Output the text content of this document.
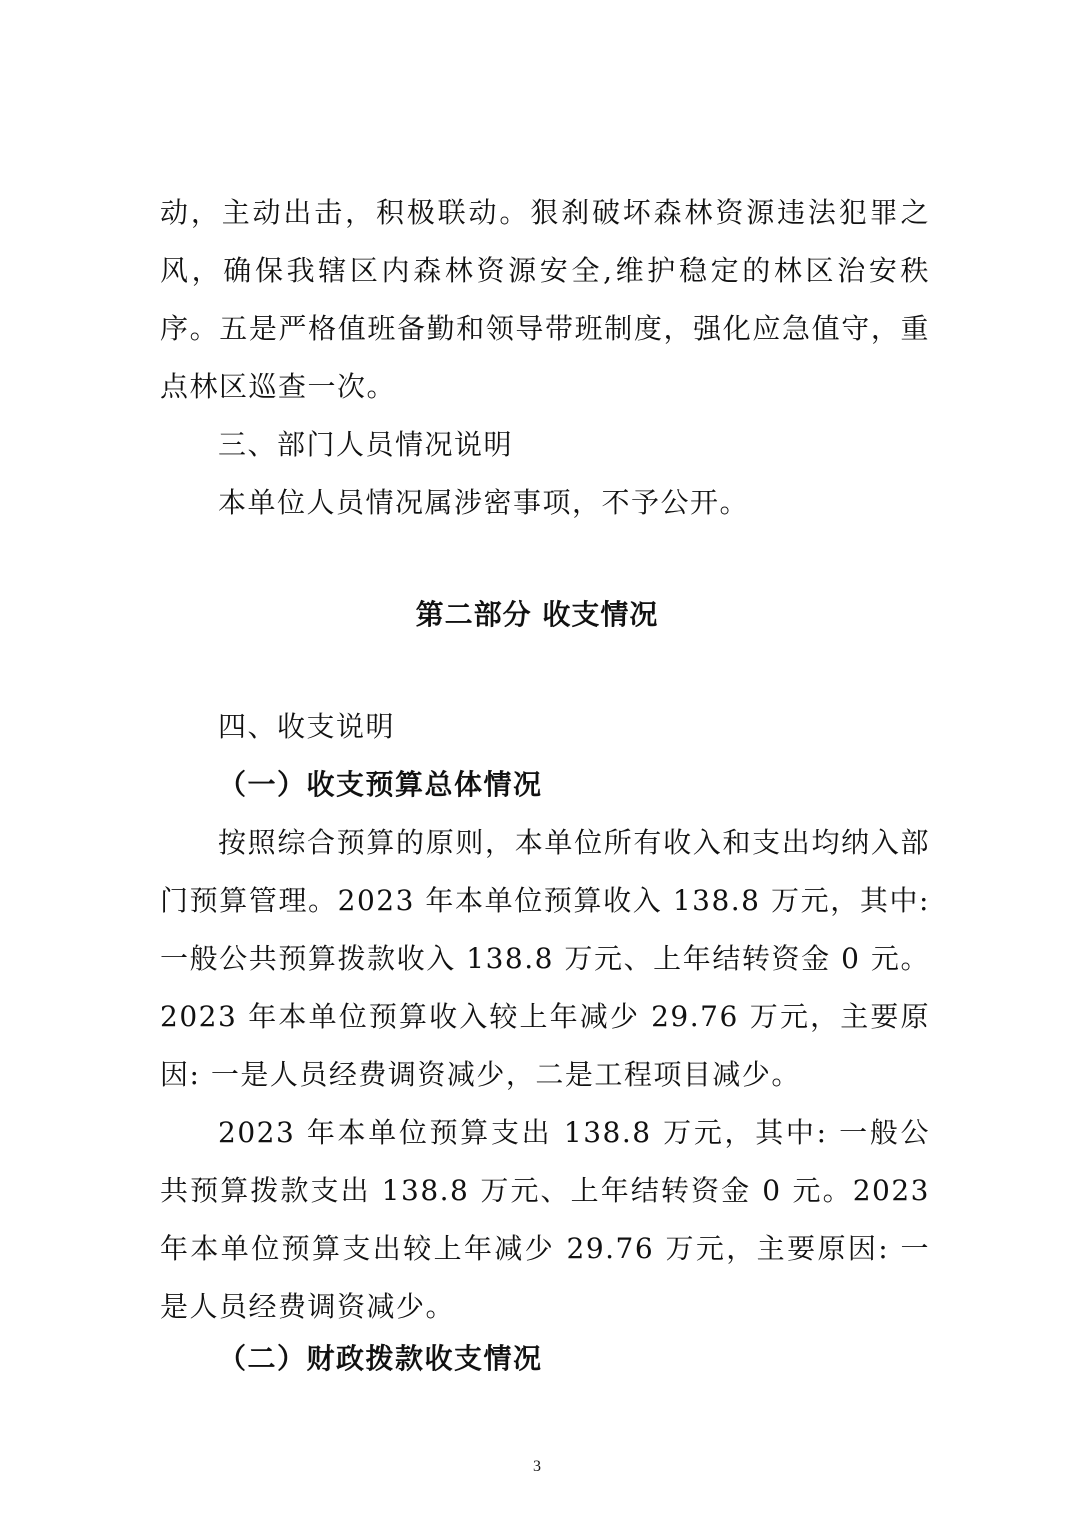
动，主动出击，积极联动。狠刹破坏森林资源违法犯罪之风，确保我辖区内森林资源安全,维护稳定的林区治安秩序。五是严格值班备勤和领导带班制度，强化应急值守，重点林区巡查一次。

三、部门人员情况说明

本单位人员情况属涉密事项，不予公开。

第二部分 收支情况

四、收支说明

（一）收支预算总体情况

按照综合预算的原则，本单位所有收入和支出均纳入部门预算管理。2023 年本单位预算收入 138.8 万元，其中: 一般公共预算拨款收入 138.8 万元、上年结转资金 0 元。2023 年本单位预算收入较上年减少 29.76 万元，主要原因: 一是人员经费调资减少，二是工程项目减少。

2023 年本单位预算支出 138.8 万元，其中: 一般公共预算拨款支出 138.8 万元、上年结转资金 0 元。2023 年本单位预算支出较上年减少 29.76 万元，主要原因: 一是人员经费调资减少。

（二）财政拨款收支情况

3
